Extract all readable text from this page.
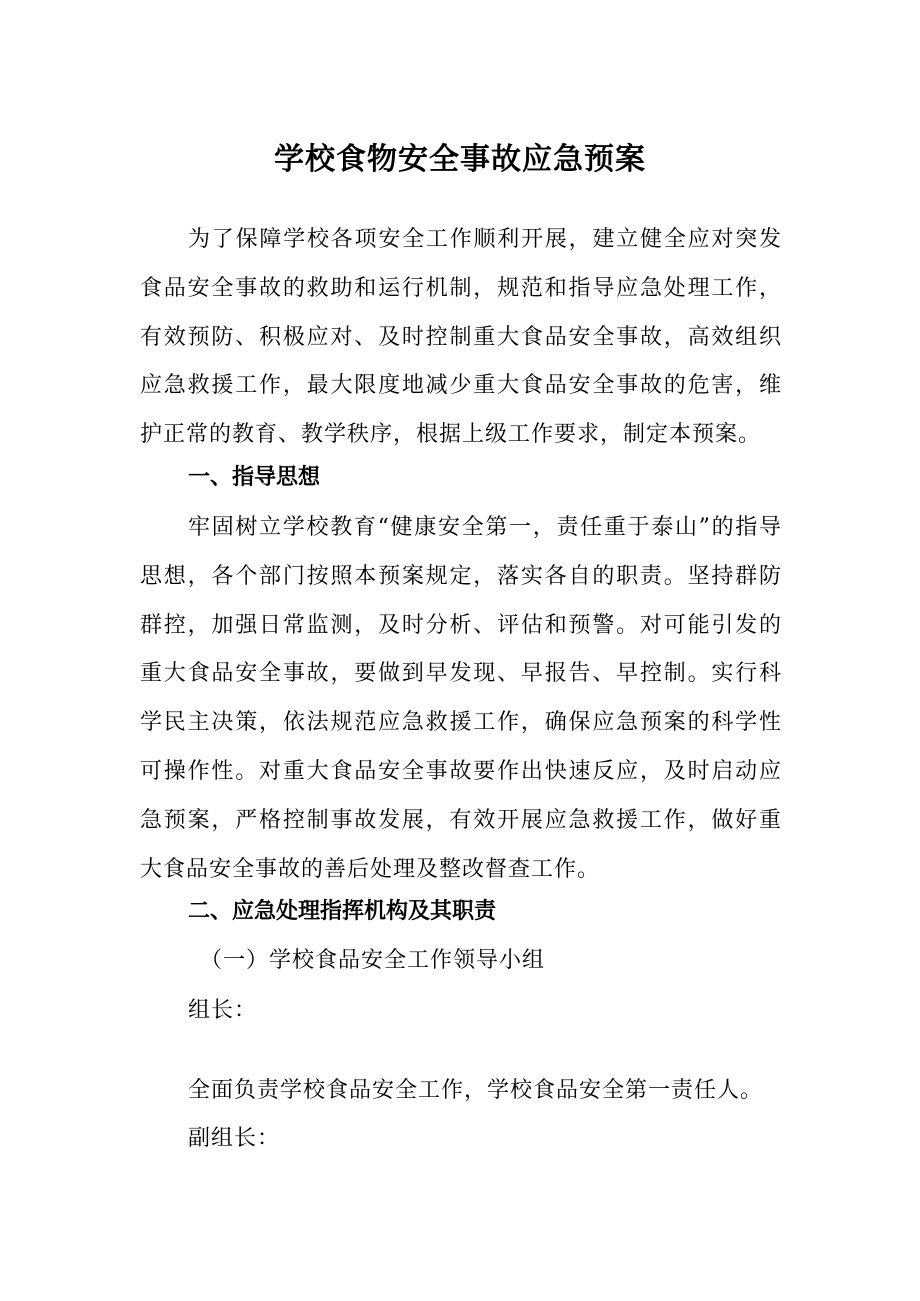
学校食物安全事故应急预案

为了保障学校各项安全工作顺利开展，建立健全应对突发食品安全事故的救助和运行机制，规范和指导应急处理工作，有效预防、积极应对、及时控制重大食品安全事故，高效组织应急救援工作，最大限度地减少重大食品安全事故的危害，维护正常的教育、教学秩序，根据上级工作要求，制定本预案。

一、指导思想

牢固树立学校教育“健康安全第一，责任重于泰山”的指导思想，各个部门按照本预案规定，落实各自的职责。坚持群防群控，加强日常监测，及时分析、评估和预警。对可能引发的重大食品安全事故，要做到早发现、早报告、早控制。实行科学民主决策，依法规范应急救援工作，确保应急预案的科学性可操作性。对重大食品安全事故要作出快速反应，及时启动应急预案，严格控制事故发展，有效开展应急救援工作，做好重大食品安全事故的善后处理及整改督查工作。

二、应急处理指挥机构及其职责

（一）学校食品安全工作领导小组

组长：

全面负责学校食品安全工作，学校食品安全第一责任人。

副组长：
